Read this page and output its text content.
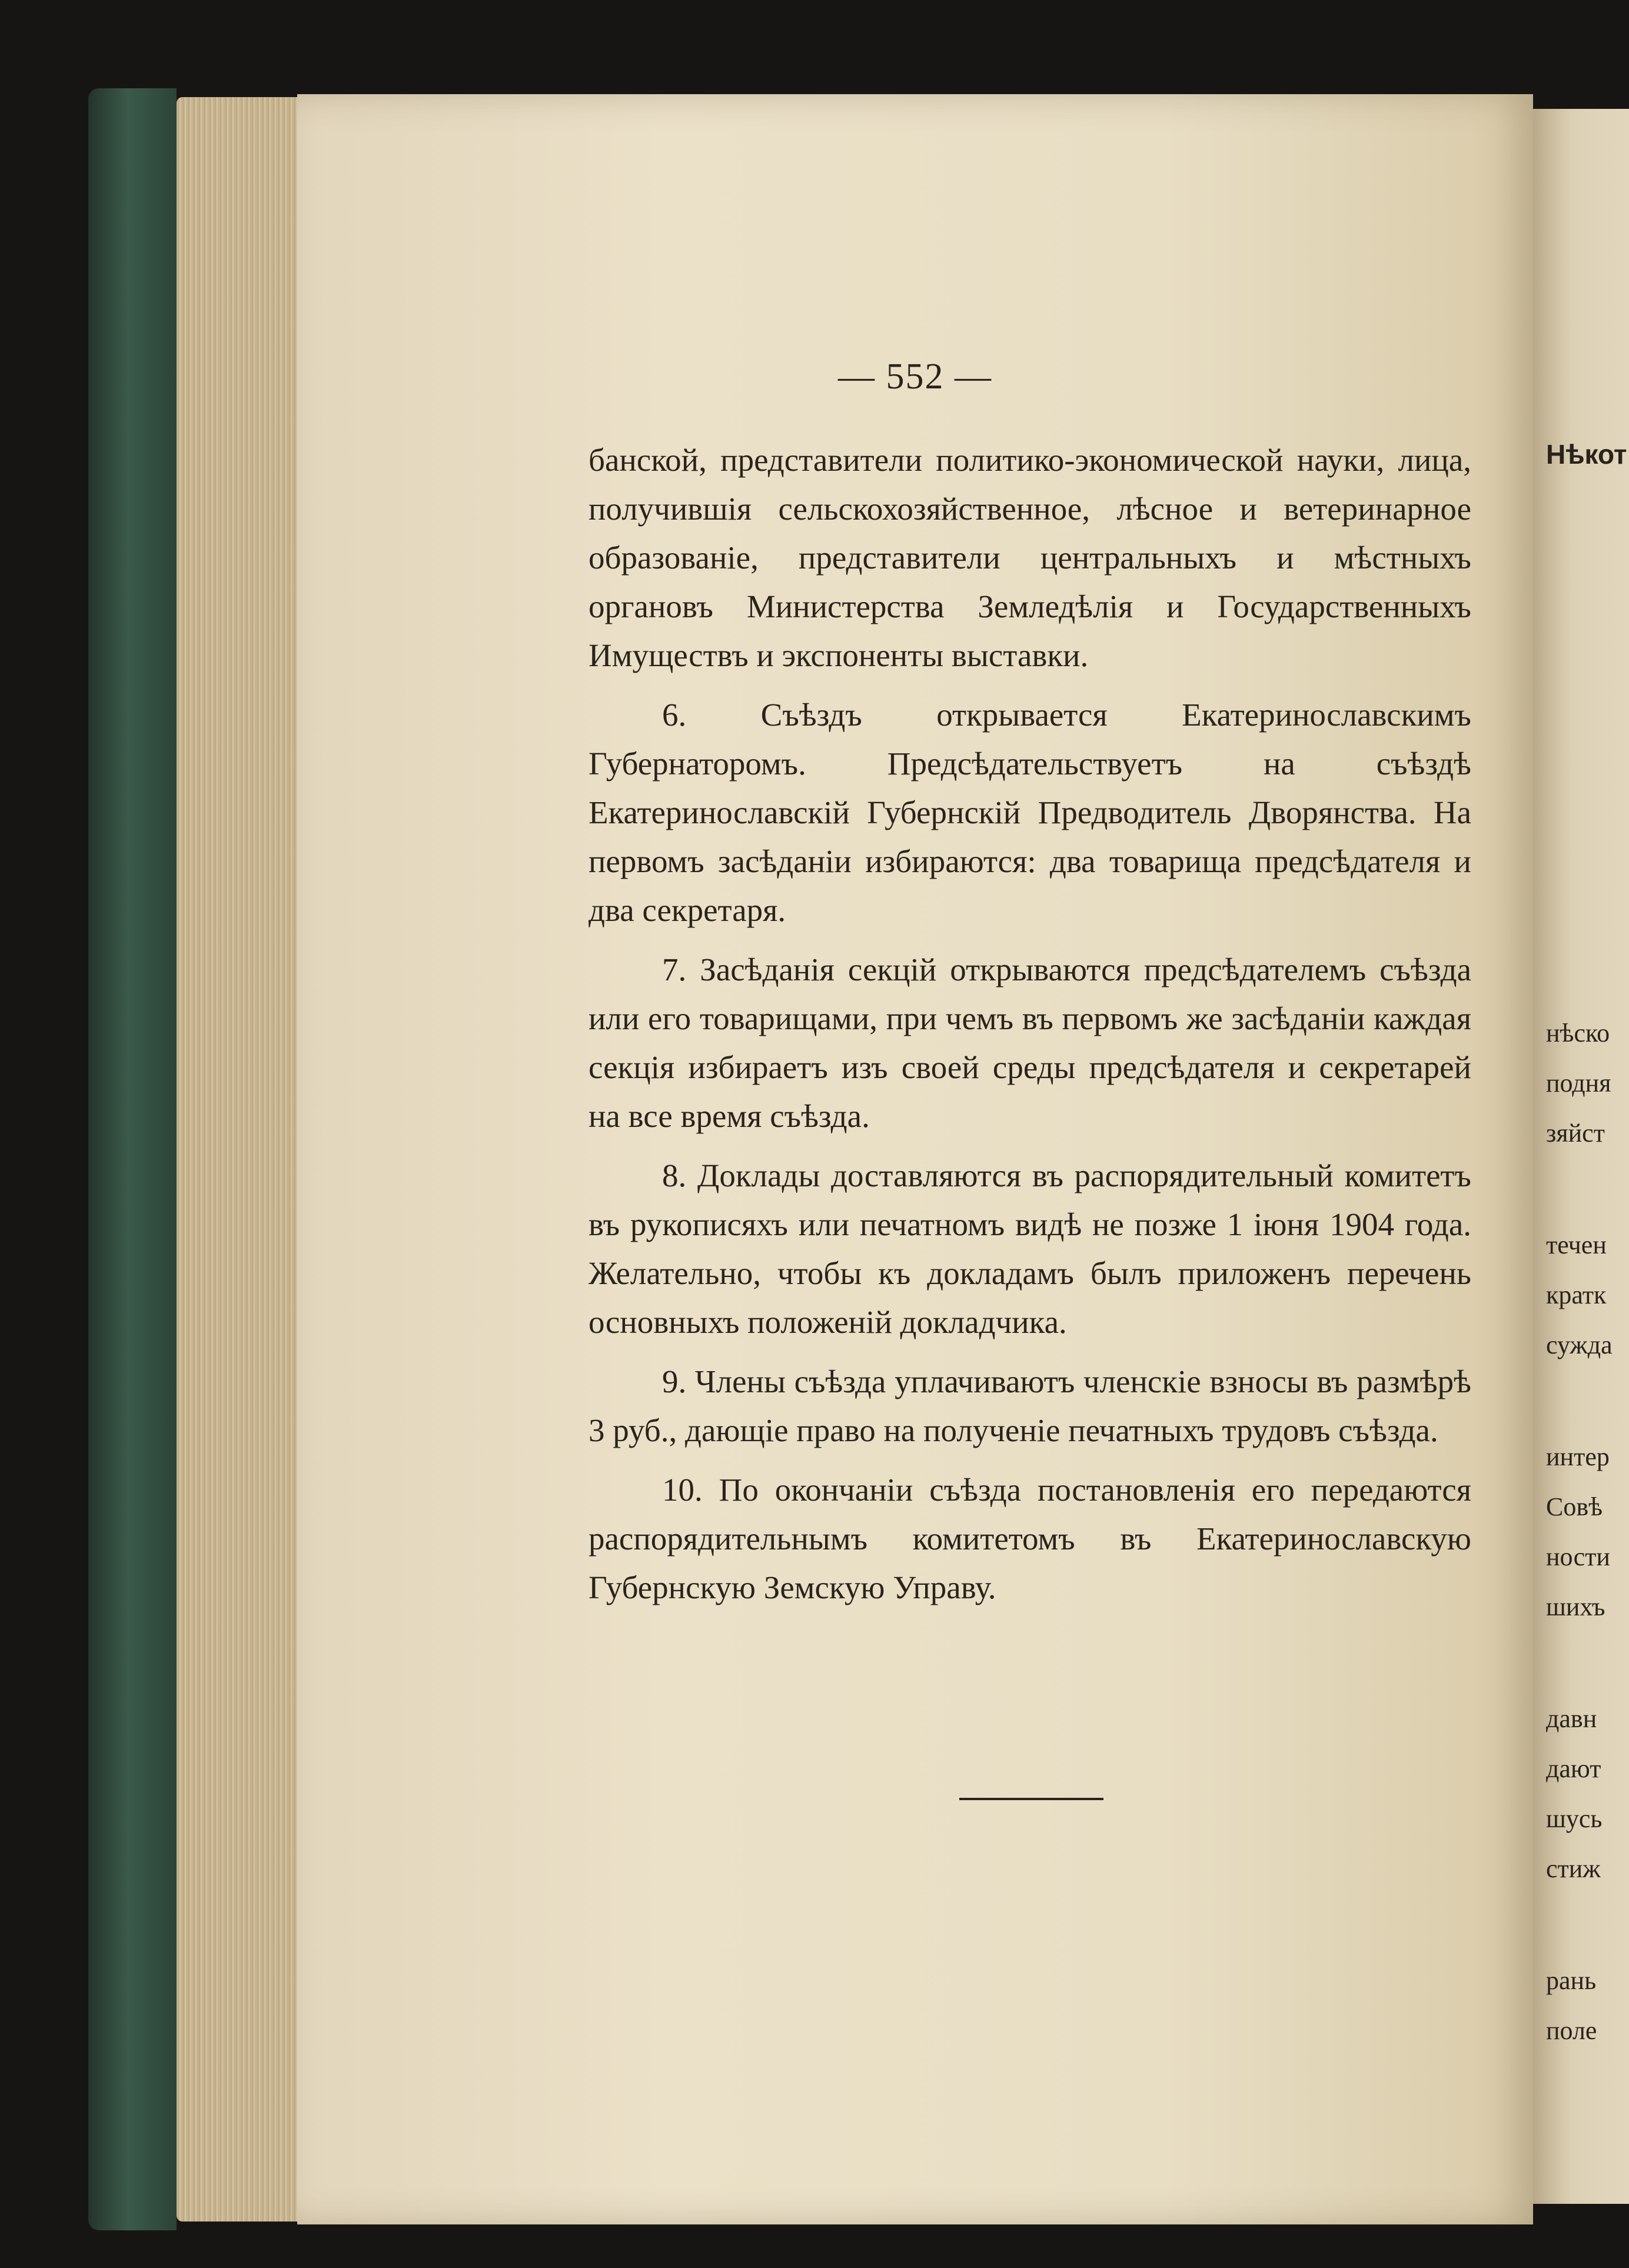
— 552 —

банской, представители политико-экономической науки, лица, получившія сельскохозяйственное, лѣсное и ветеринарное образованіе, представители центральныхъ и мѣстныхъ органовъ Министерства Земледѣлія и Государственныхъ Имуществъ и экспоненты выставки.

6. Съѣздъ открывается Екатеринославскимъ Губернаторомъ. Предсѣдательствуетъ на съѣздѣ Екатеринославскій Губернскій Предводитель Дворянства. На первомъ засѣданіи избираются: два товарища предсѣдателя и два секретаря.

7. Засѣданія секцій открываются предсѣдателемъ съѣзда или его товарищами, при чемъ въ первомъ же засѣданіи каждая секція избираетъ изъ своей среды предсѣдателя и секретарей на все время съѣзда.

8. Доклады доставляются въ распорядительный комитетъ въ рукописяхъ или печатномъ видѣ не позже 1 іюня 1904 года. Желательно, чтобы къ докладамъ былъ приложенъ перечень основныхъ положеній докладчика.

9. Члены съѣзда уплачиваютъ членскіе взносы въ размѣрѣ 3 руб., дающіе право на полученіе печатныхъ трудовъ съѣзда.

10. По окончаніи съѣзда постановленія его передаются распорядительнымъ комитетомъ въ Екатеринославскую Губернскую Земскую Управу.

Нѣкот
нѣско
подня
зяйст
течен
кратк
сужда
интер
Совѣ
ности
шихъ
давн
дают
шусь
стиж
рань
поле
